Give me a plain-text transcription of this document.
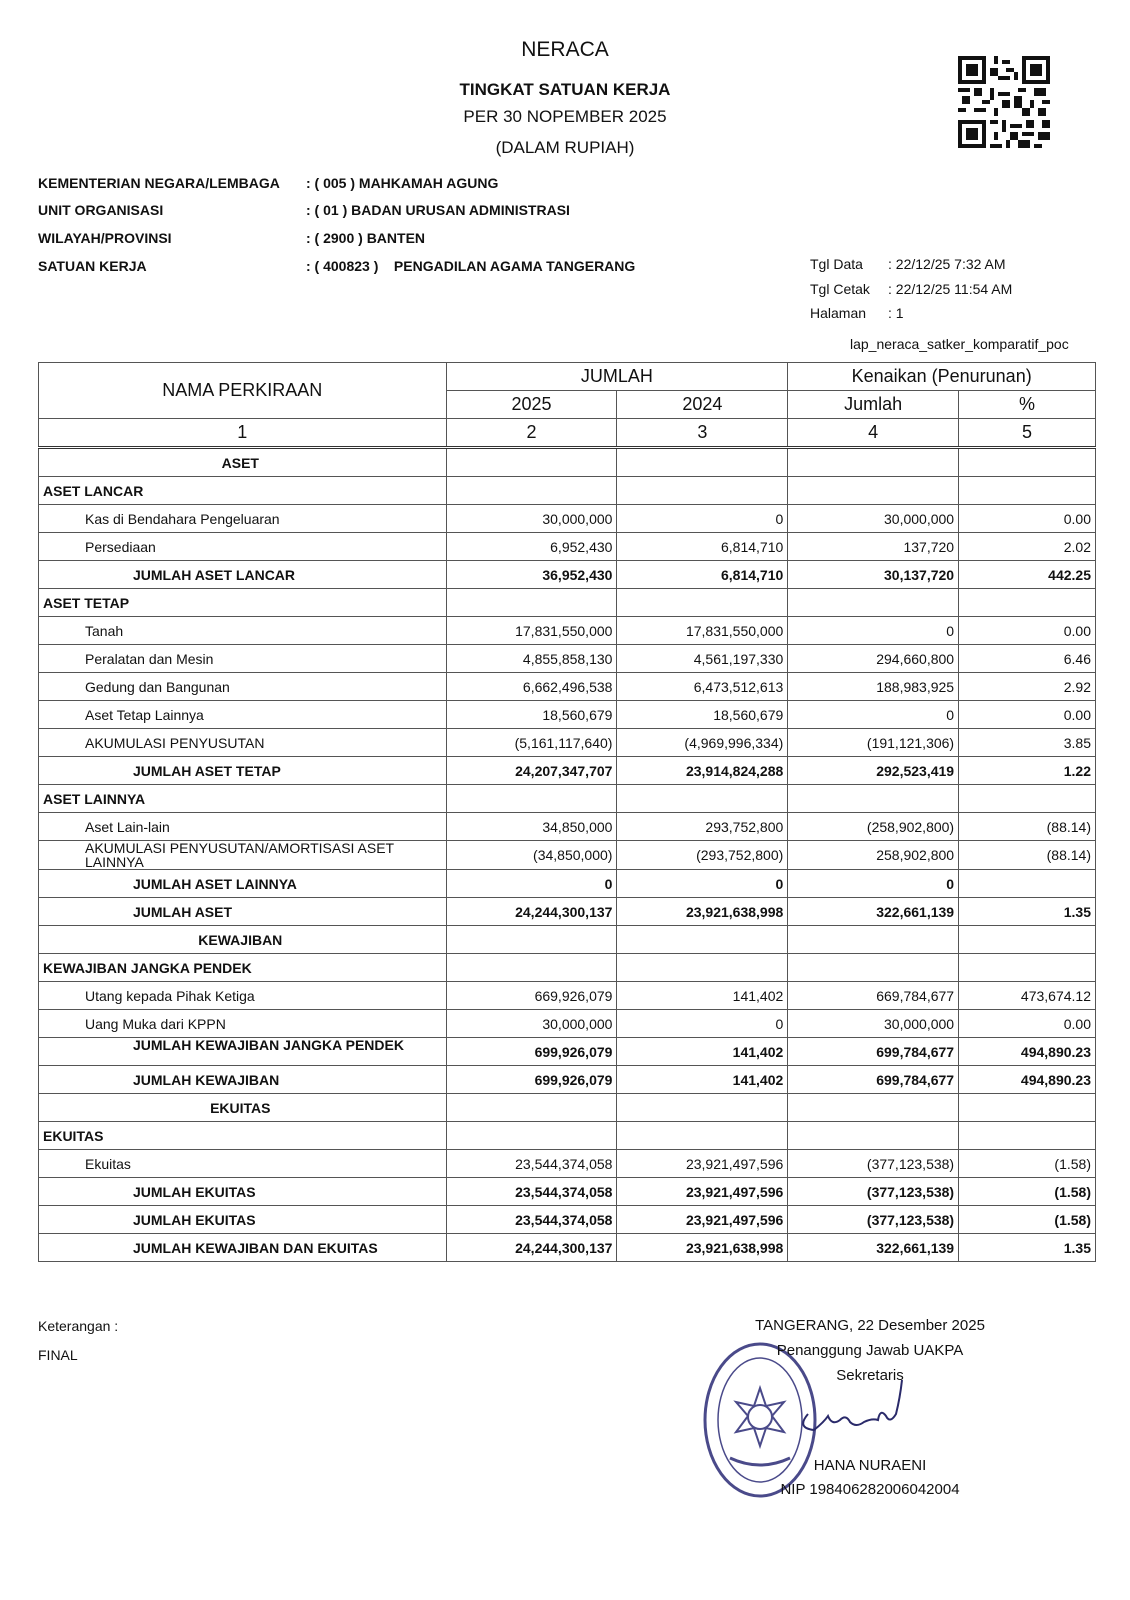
NERACA
TINGKAT SATUAN KERJA
PER 30 NOPEMBER 2025
(DALAM RUPIAH)
KEMENTERIAN NEGARA/LEMBAGA : ( 005 ) MAHKAMAH AGUNG
UNIT ORGANISASI	: ( 01 ) BADAN URUSAN ADMINISTRASI
WILAYAH/PROVINSI	: ( 2900 ) BANTEN
SATUAN KERJA	: ( 400823 )    PENGADILAN AGAMA TANGERANG	Tgl Data : 22/12/25 7:32 AM
Tgl Cetak : 22/12/25 11:54 AM
Halaman : 1
lap_neraca_satker_komparatif_poc
NAMA PERKIRAAN	JUMLAH		Kenaikan (Penurunan)	
	2025	2024	Jumlah	%
1	2	3	4	5
ASET				
ASET LANCAR				
Kas di Bendahara Pengeluaran	30,000,000	0	30,000,000	0.00
Persediaan	6,952,430	6,814,710	137,720	2.02
JUMLAH ASET LANCAR	36,952,430	6,814,710	30,137,720	442.25
ASET TETAP				
Tanah	17,831,550,000	17,831,550,000	0	0.00
Peralatan dan Mesin	4,855,858,130	4,561,197,330	294,660,800	6.46
Gedung dan Bangunan	6,662,496,538	6,473,512,613	188,983,925	2.92
Aset Tetap Lainnya	18,560,679	18,560,679	0	0.00
AKUMULASI PENYUSUTAN	(5,161,117,640)	(4,969,996,334)	(191,121,306)	3.85
JUMLAH ASET TETAP	24,207,347,707	23,914,824,288	292,523,419	1.22
ASET LAINNYA				
Aset Lain-lain	34,850,000	293,752,800	(258,902,800)	(88.14)
AKUMULASI PENYUSUTAN/AMORTISASI ASET LAINNYA	(34,850,000)	(293,752,800)	258,902,800	(88.14)
JUMLAH ASET LAINNYA	0	0	0	
JUMLAH ASET	24,244,300,137	23,921,638,998	322,661,139	1.35
KEWAJIBAN				
KEWAJIBAN JANGKA PENDEK				
Utang kepada Pihak Ketiga	669,926,079	141,402	669,784,677	473,674.12
Uang Muka dari KPPN	30,000,000	0	30,000,000	0.00
JUMLAH KEWAJIBAN JANGKA PENDEK	699,926,079	141,402	699,784,677	494,890.23
JUMLAH KEWAJIBAN	699,926,079	141,402	699,784,677	494,890.23
EKUITAS				
EKUITAS				
Ekuitas	23,544,374,058	23,921,497,596	(377,123,538)	(1.58)
JUMLAH EKUITAS	23,544,374,058	23,921,497,596	(377,123,538)	(1.58)
JUMLAH EKUITAS	23,544,374,058	23,921,497,596	(377,123,538)	(1.58)
JUMLAH KEWAJIBAN DAN EKUITAS	24,244,300,137	23,921,638,998	322,661,139	1.35
Keterangan :
FINAL
TANGERANG, 22 Desember 2025
Penanggung Jawab UAKPA
Sekretaris
HANA NURAENI
NIP 198406282006042004
